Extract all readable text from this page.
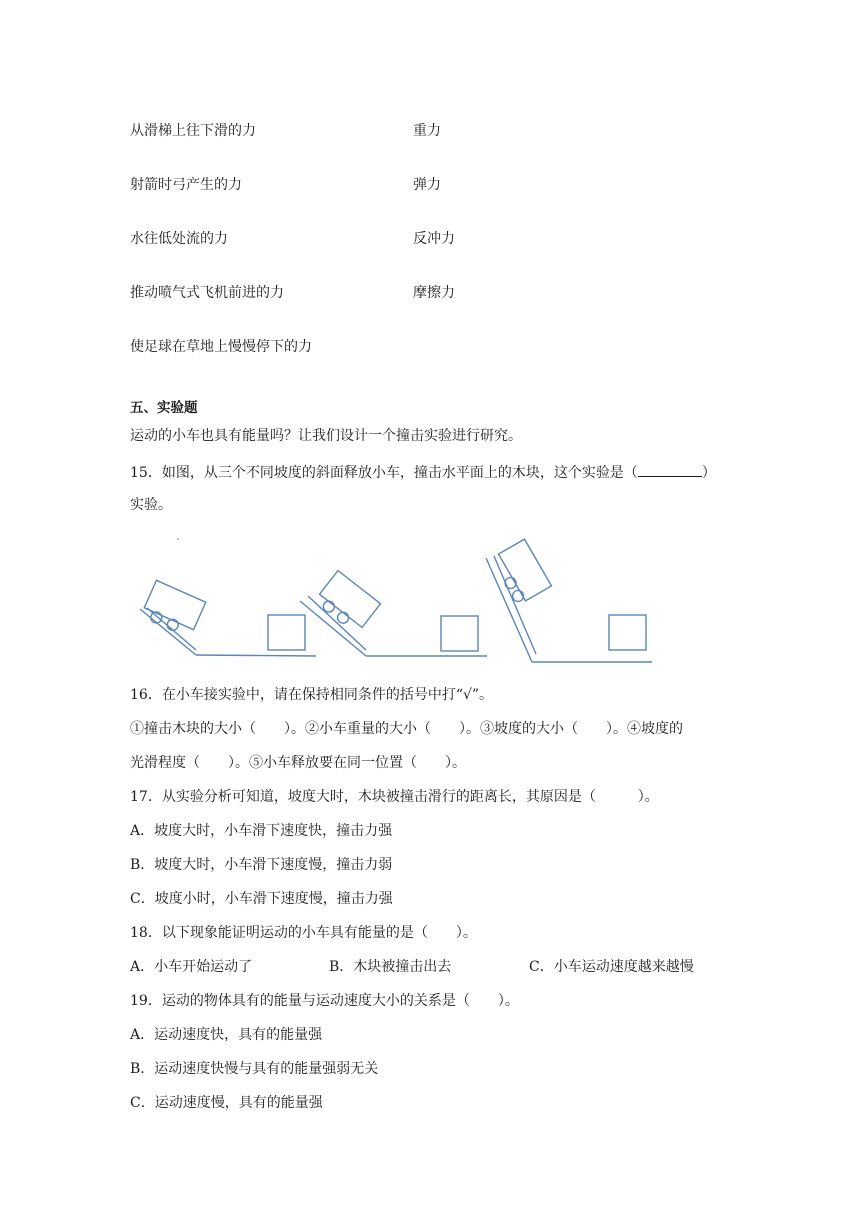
从滑梯上往下滑的力	重力
射箭时弓产生的力	弹力
水往低处流的力	反冲力
推动喷气式飞机前进的力	摩擦力
使足球在草地上慢慢停下的力
五、实验题
运动的小车也具有能量吗？让我们设计一个撞击实验进行研究。
15．如图，从三个不同坡度的斜面释放小车，撞击水平面上的木块，这个实验是（	）
实验。
16．在小车接实验中，请在保持相同条件的括号中打“√”。
①撞击木块的大小（　　）。②小车重量的大小（　　）。③坡度的大小（　　）。④坡度的
光滑程度（　　）。⑤小车释放要在同一位置（　　）。
17．从实验分析可知道，坡度大时，木块被撞击滑行的距离长，其原因是（　　　）。
A．坡度大时，小车滑下速度快，撞击力强
B．坡度大时，小车滑下速度慢，撞击力弱
C．坡度小时，小车滑下速度慢，撞击力强
18．以下现象能证明运动的小车具有能量的是（　　）。
A．小车开始运动了	B．木块被撞击出去	C．小车运动速度越来越慢
19．运动的物体具有的能量与运动速度大小的关系是（　　）。
A．运动速度快，具有的能量强
B．运动速度快慢与具有的能量强弱无关
C．运动速度慢，具有的能量强
